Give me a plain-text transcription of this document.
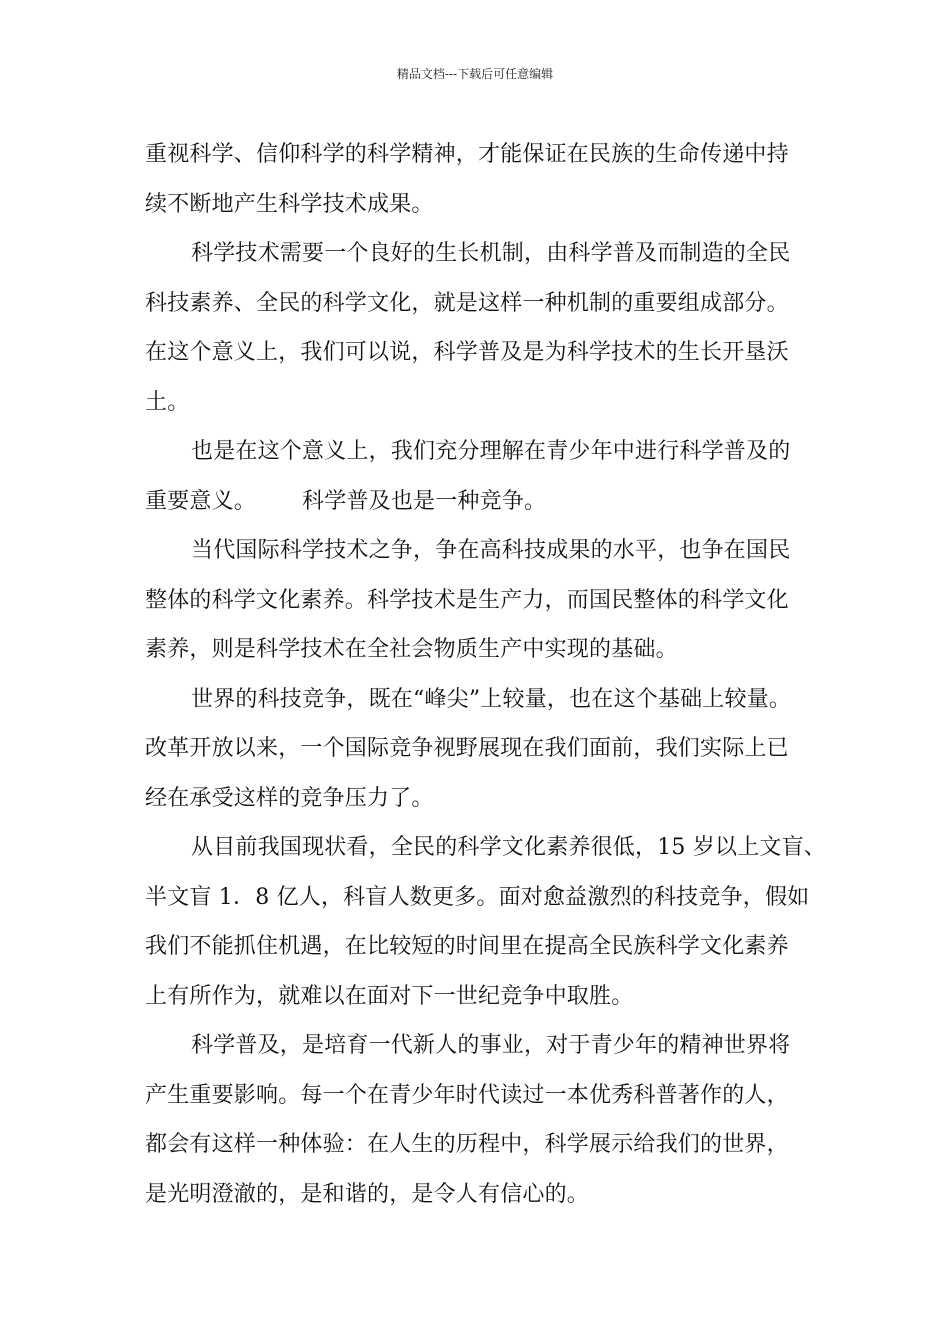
精品文档---下载后可任意编辑
重视科学、信仰科学的科学精神，才能保证在民族的生命传递中持
续不断地产生科学技术成果。
科学技术需要一个良好的生长机制，由科学普及而制造的全民
科技素养、全民的科学文化，就是这样一种机制的重要组成部分。
在这个意义上，我们可以说，科学普及是为科学技术的生长开垦沃
土。
也是在这个意义上，我们充分理解在青少年中进行科学普及的
重要意义。 科学普及也是一种竞争。
当代国际科学技术之争，争在高科技成果的水平，也争在国民
整体的科学文化素养。科学技术是生产力，而国民整体的科学文化
素养，则是科学技术在全社会物质生产中实现的基础。
世界的科技竞争，既在“峰尖”上较量，也在这个基础上较量。
改革开放以来，一个国际竞争视野展现在我们面前，我们实际上已
经在承受这样的竞争压力了。
从目前我国现状看，全民的科学文化素养很低，15 岁以上文盲、
半文盲 1．8 亿人，科盲人数更多。面对愈益激烈的科技竞争，假如
我们不能抓住机遇，在比较短的时间里在提高全民族科学文化素养
上有所作为，就难以在面对下一世纪竞争中取胜。
科学普及，是培育一代新人的事业，对于青少年的精神世界将
产生重要影响。每一个在青少年时代读过一本优秀科普著作的人，
都会有这样一种体验：在人生的历程中，科学展示给我们的世界，
是光明澄澈的，是和谐的，是令人有信心的。
